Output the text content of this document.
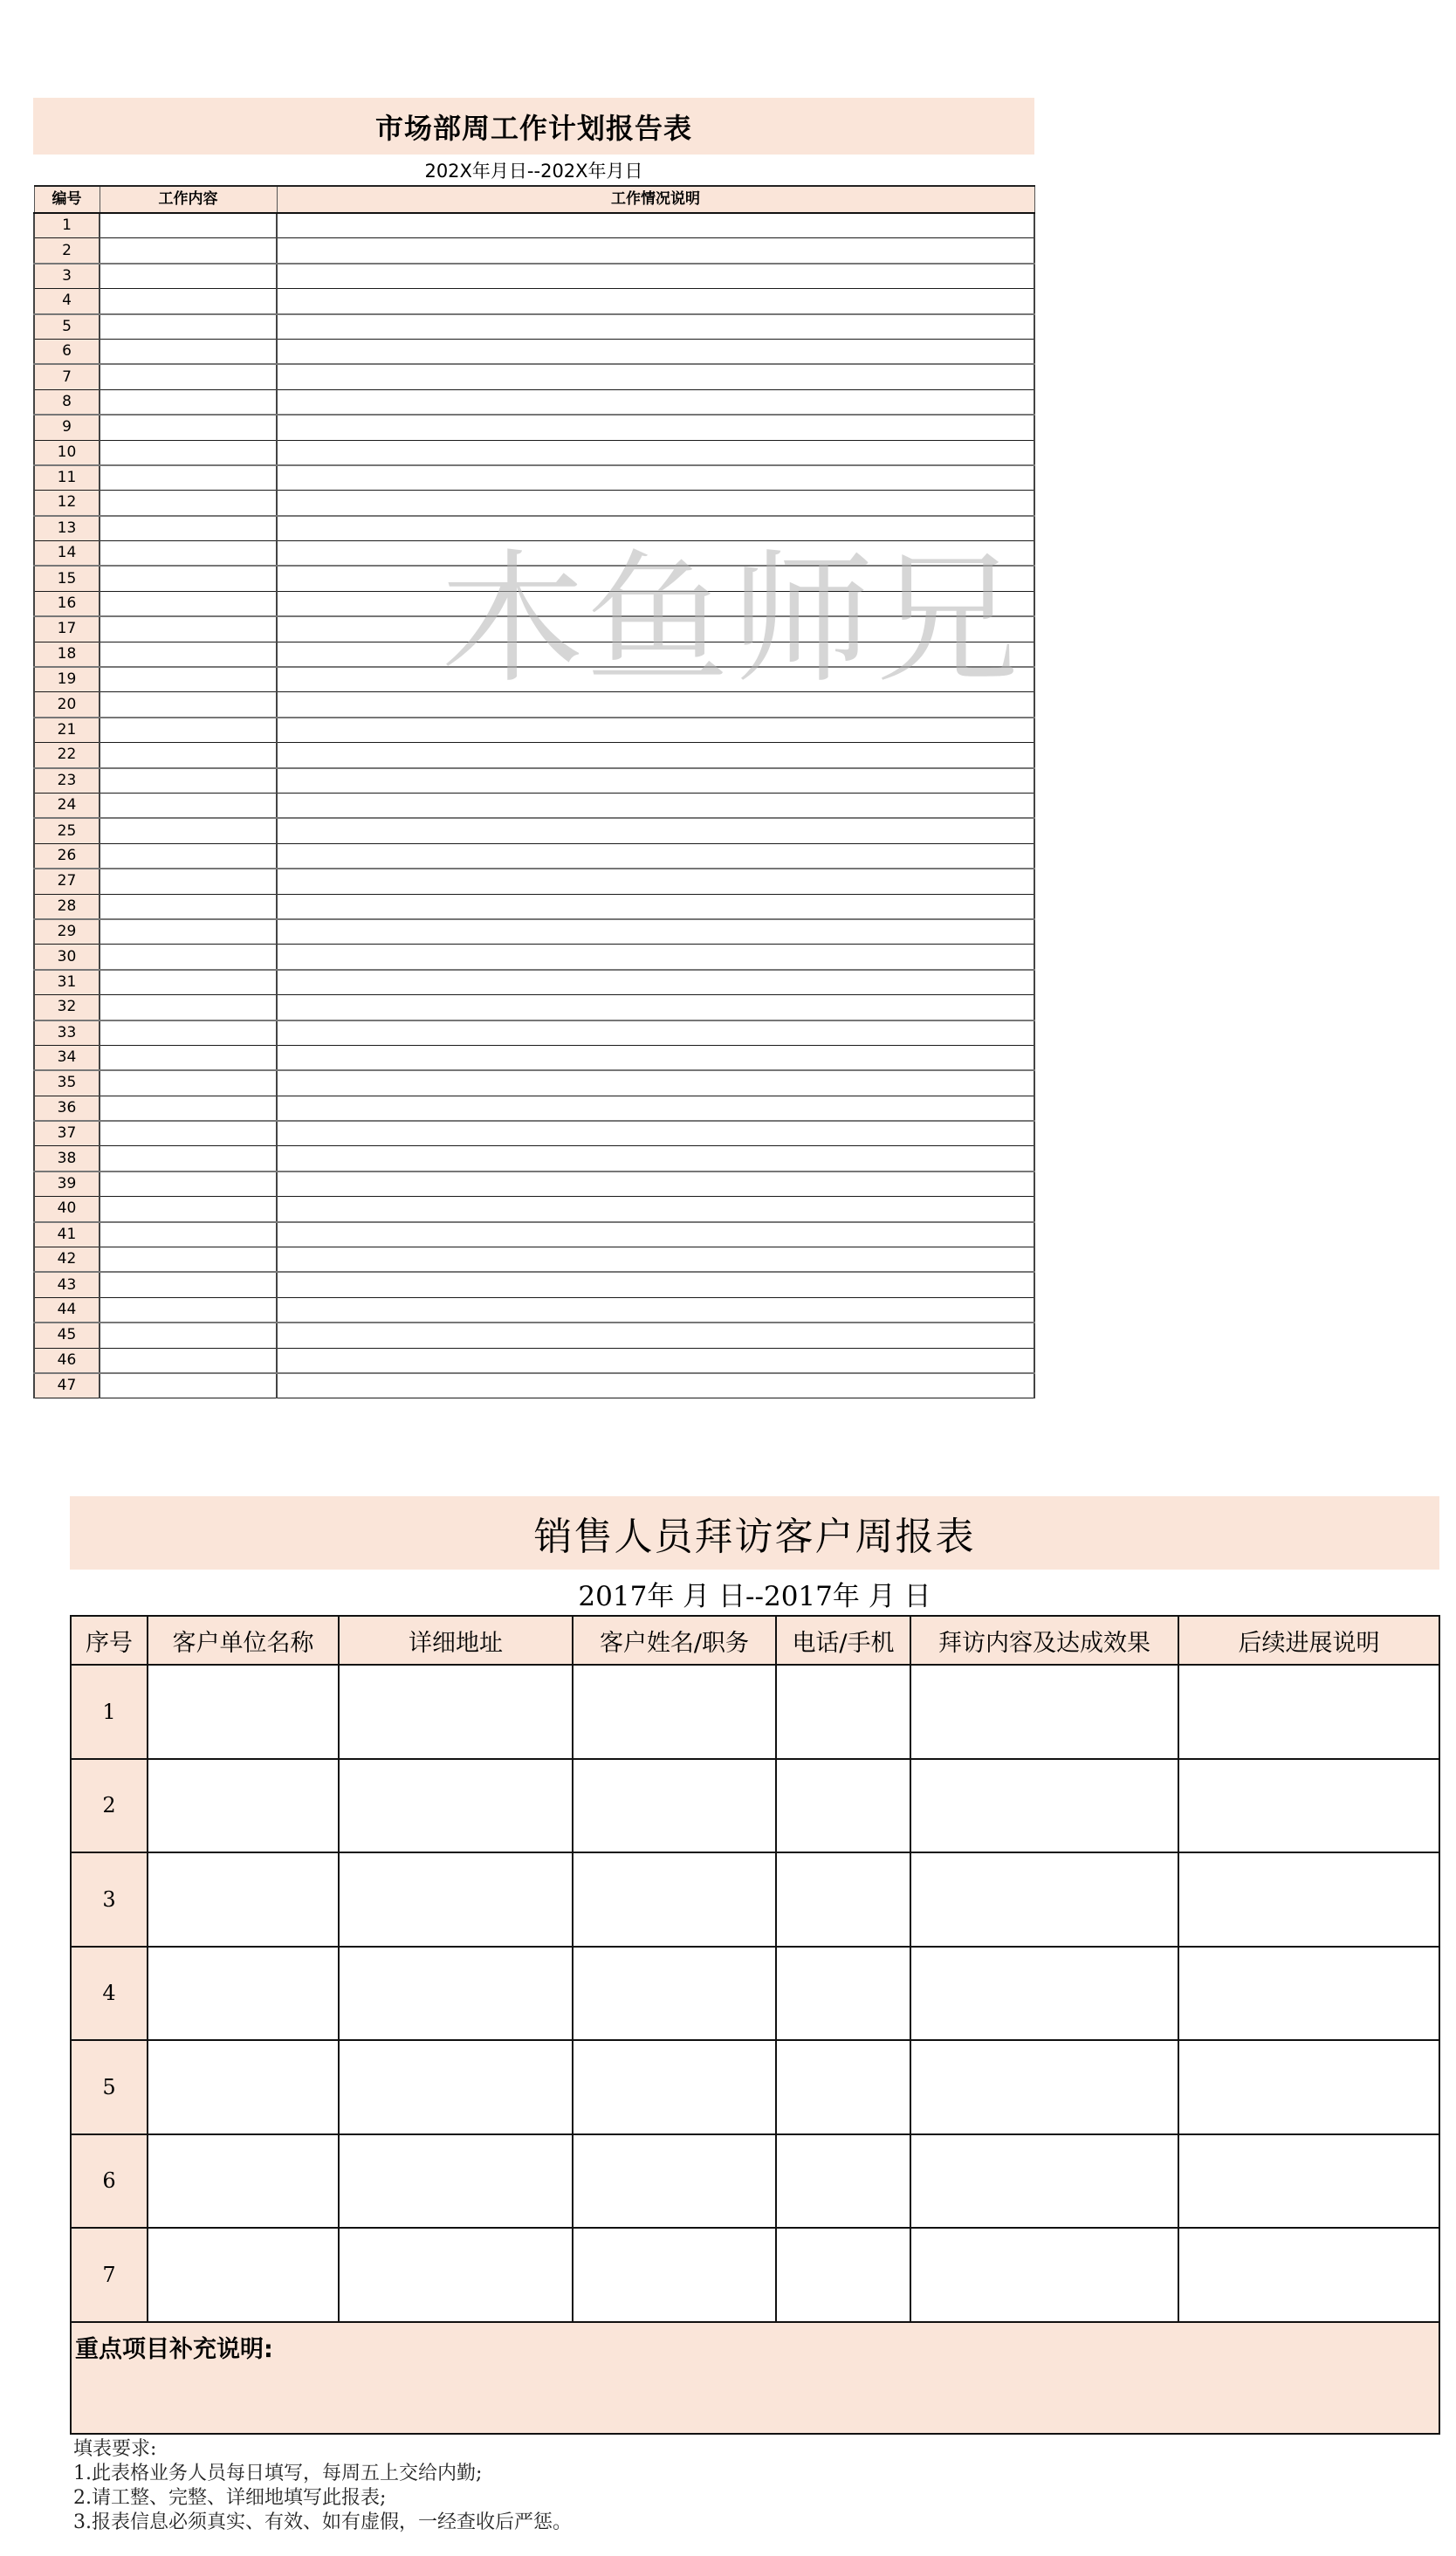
市场部周工作计划报告表
202X年月日--202X年月日
编号	工作内容	工作情况说明
1		
2		
3		
4		
5		
6		
7		
8		
9		
10		
11		
12		
13		
14		
15		
16		
17		
18		
19		
20		
21		
22		
23		
24		
25		
26		
27		
28		
29		
30		
31		
32		
33		
34		
35		
36		
37		
38		
39		
40		
41		
42		
43		
44		
45		
46		
47		
木鱼师兄
销售人员拜访客户周报表
2017年 月 日--2017年 月 日
序号	客户单位名称	详细地址	客户姓名/职务	电话/手机	拜访内容及达成效果	后续进展说明
1						
2						
3						
4						
5						
6						
7						
重点项目补充说明:						
填表要求:
1.此表格业务人员每日填写，每周五上交给内勤;
2.请工整、完整、详细地填写此报表;
3.报表信息必须真实、有效、如有虚假，一经查收后严惩。
